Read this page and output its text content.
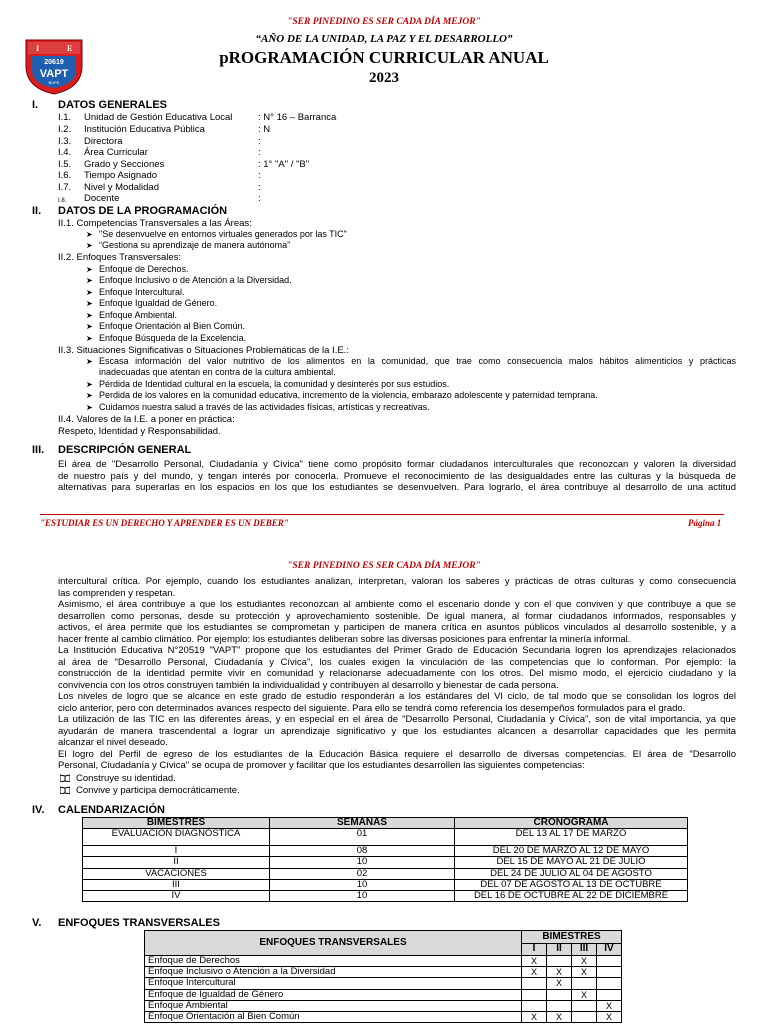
"SER PINEDINO ES SER CADA DÍA MEJOR"
“AÑO DE LA UNIDAD, LA PAZ Y EL DESARROLLO”
pROGRAMACIÓN CURRICULAR ANUAL
2023
I	E
20619
VAPT
BUPE
I. DATOS GENERALES
I.1. Unidad de Gestión Educativa Local	: N° 16 – Barranca
I.2. Institución Educativa Pública	: N
I.3. Directora	:
I.4. Área Curricular	:
I.5. Grado y Secciones	: 1° "A" / "B"
I.6. Tiempo Asignado	:
I.7. Nivel y Modalidad	:
I.8. Docente	:
II. DATOS DE LA PROGRAMACIÓN
II.1. Competencias Transversales a las Áreas:
➤ "Se desenvuelve en entornos virtuales generados por las TIC"
➤ “Gestiona su aprendizaje de manera autónoma”
II.2. Enfoques Transversales:
➤ Enfoque de Derechos.
➤ Enfoque Inclusivo o de Atención a la Diversidad.
➤ Enfoque Intercultural.
➤ Enfoque Igualdad de Género.
➤ Enfoque Ambiental.
➤ Enfoque Orientación al Bien Común.
➤ Enfoque Búsqueda de la Excelencia.
II.3. Situaciones Significativas o Situaciones Problemáticas de la I.E.:
➤ Escasa información del valor nutritivo de los alimentos en la comunidad, que trae como consecuencia malos hábitos alimenticios y prácticas
inadecuadas que atentan en contra de la cultura ambiental.
➤ Pérdida de Identidad cultural en la escuela, la comunidad y desinterés por sus estudios.
➤ Perdida de los valores en la comunidad educativa, incremento de la violencia, embarazo adolescente y paternidad temprana.
➤ Cuidamos nuestra salud a través de las actividades físicas, artísticas y recreativas.
II.4. Valores de la I.E. a poner en práctica:
Respeto, Identidad y Responsabilidad.
III. DESCRIPCIÓN GENERAL
El área de "Desarrollo Personal, Ciudadanía y Cívica" tiene como propósito formar ciudadanos interculturales que reconozcan y valoren la diversidad
de nuestro país y del mundo, y tengan interés por conocerla. Promueve el reconocimiento de las desigualdades entre las culturas y la búsqueda de
alternativas para superarlas en los espacios en los que los estudiantes se desenvuelven. Para lograrlo, el área contribuye al desarrollo de una actitud
"ESTUDIAR ES UN DERECHO Y APRENDER ES UN DEBER"	Página 1
"SER PINEDINO ES SER CADA DÍA MEJOR"
intercultural crítica. Por ejemplo, cuando los estudiantes analizan, interpretan, valoran los saberes y prácticas de otras culturas y como consecuencia
las comprenden y respetan.
Asimismo, el área contribuye a que los estudiantes reconozcan al ambiente como el escenario donde y con el que conviven y que contribuye a que se
desarrollen como personas, desde su protección y aprovechamiento sostenible. De igual manera, al formar ciudadanos informados, responsables y
activos, el área permite que los estudiantes se comprometan y participen de manera crítica en asuntos públicos vinculados al desarrollo sostenible, y a
hacer frente al cambio climático. Por ejemplo: los estudiantes deliberan sobre las diversas posiciones para enfrentar la minería informal.
La Institución Educativa N°20519 "VAPT" propone que los estudiantes del Primer Grado de Educación Secundaria logren los aprendizajes relacionados
al área de "Desarrollo Personal, Ciudadanía y Cívica", los cuales exigen la vinculación de las competencias que lo conforman. Por ejemplo: la
construcción de la identidad permite vivir en comunidad y relacionarse adecuadamente con los otros. Del mismo modo, el ejercicio ciudadano y la
convivencia con los otros construyen también la individualidad y contribuyen al desarrollo y bienestar de cada persona.
Los niveles de logro que se alcance en este grado de estudio responderán a los estándares del VI ciclo, de tal modo que se consolidan los logros del
ciclo anterior, pero con determinados avances respecto del siguiente. Para ello se tendrá como referencia los desempeños formulados para el grado.
La utilización de las TIC en las diferentes áreas, y en especial en el área de "Desarrollo Personal, Ciudadanía y Cívica", son de vital importancia, ya que
ayudarán de manera trascendental a lograr un aprendizaje significativo y que los estudiantes alcancen a desarrollar capacidades que les permita
alcanzar el nivel deseado.
El logro del Perfil de egreso de los estudiantes de la Educación Básica requiere el desarrollo de diversas competencias. El área de "Desarrollo
Personal, Ciudadanía y Cívica" se ocupa de promover y facilitar que los estudiantes desarrollen las siguientes competencias:
Construye su identidad.
Convive y participa democráticamente.
IV. CALENDARIZACIÓN
BIMESTRES	SEMANAS	CRONOGRAMA
EVALUACIÓN DIAGNÓSTICA	01	DEL 13 AL 17 DE MARZO
I	08	DEL 20 DE MARZO AL 12 DE MAYO
II	10	DEL 15 DE MAYO AL 21 DE JULIO
VACACIONES	02	DEL 24 DE JULIO AL 04 DE AGOSTO
III	10	DEL 07 DE AGOSTO AL 13 DE OCTUBRE
IV	10	DEL 16 DE OCTUBRE AL 22 DE DICIEMBRE
V. ENFOQUES TRANSVERSALES
ENFOQUES TRANSVERSALES	BIMESTRES			
	I	II	III	IV
Enfoque de Derechos	X		X	
Enfoque Inclusivo o Atención a la Diversidad	X	X	X	
Enfoque Intercultural		X		
Enfoque de Igualdad de Género			X	
Enfoque Ambiental				X
Enfoque Orientación al Bien Común	X	X		X
